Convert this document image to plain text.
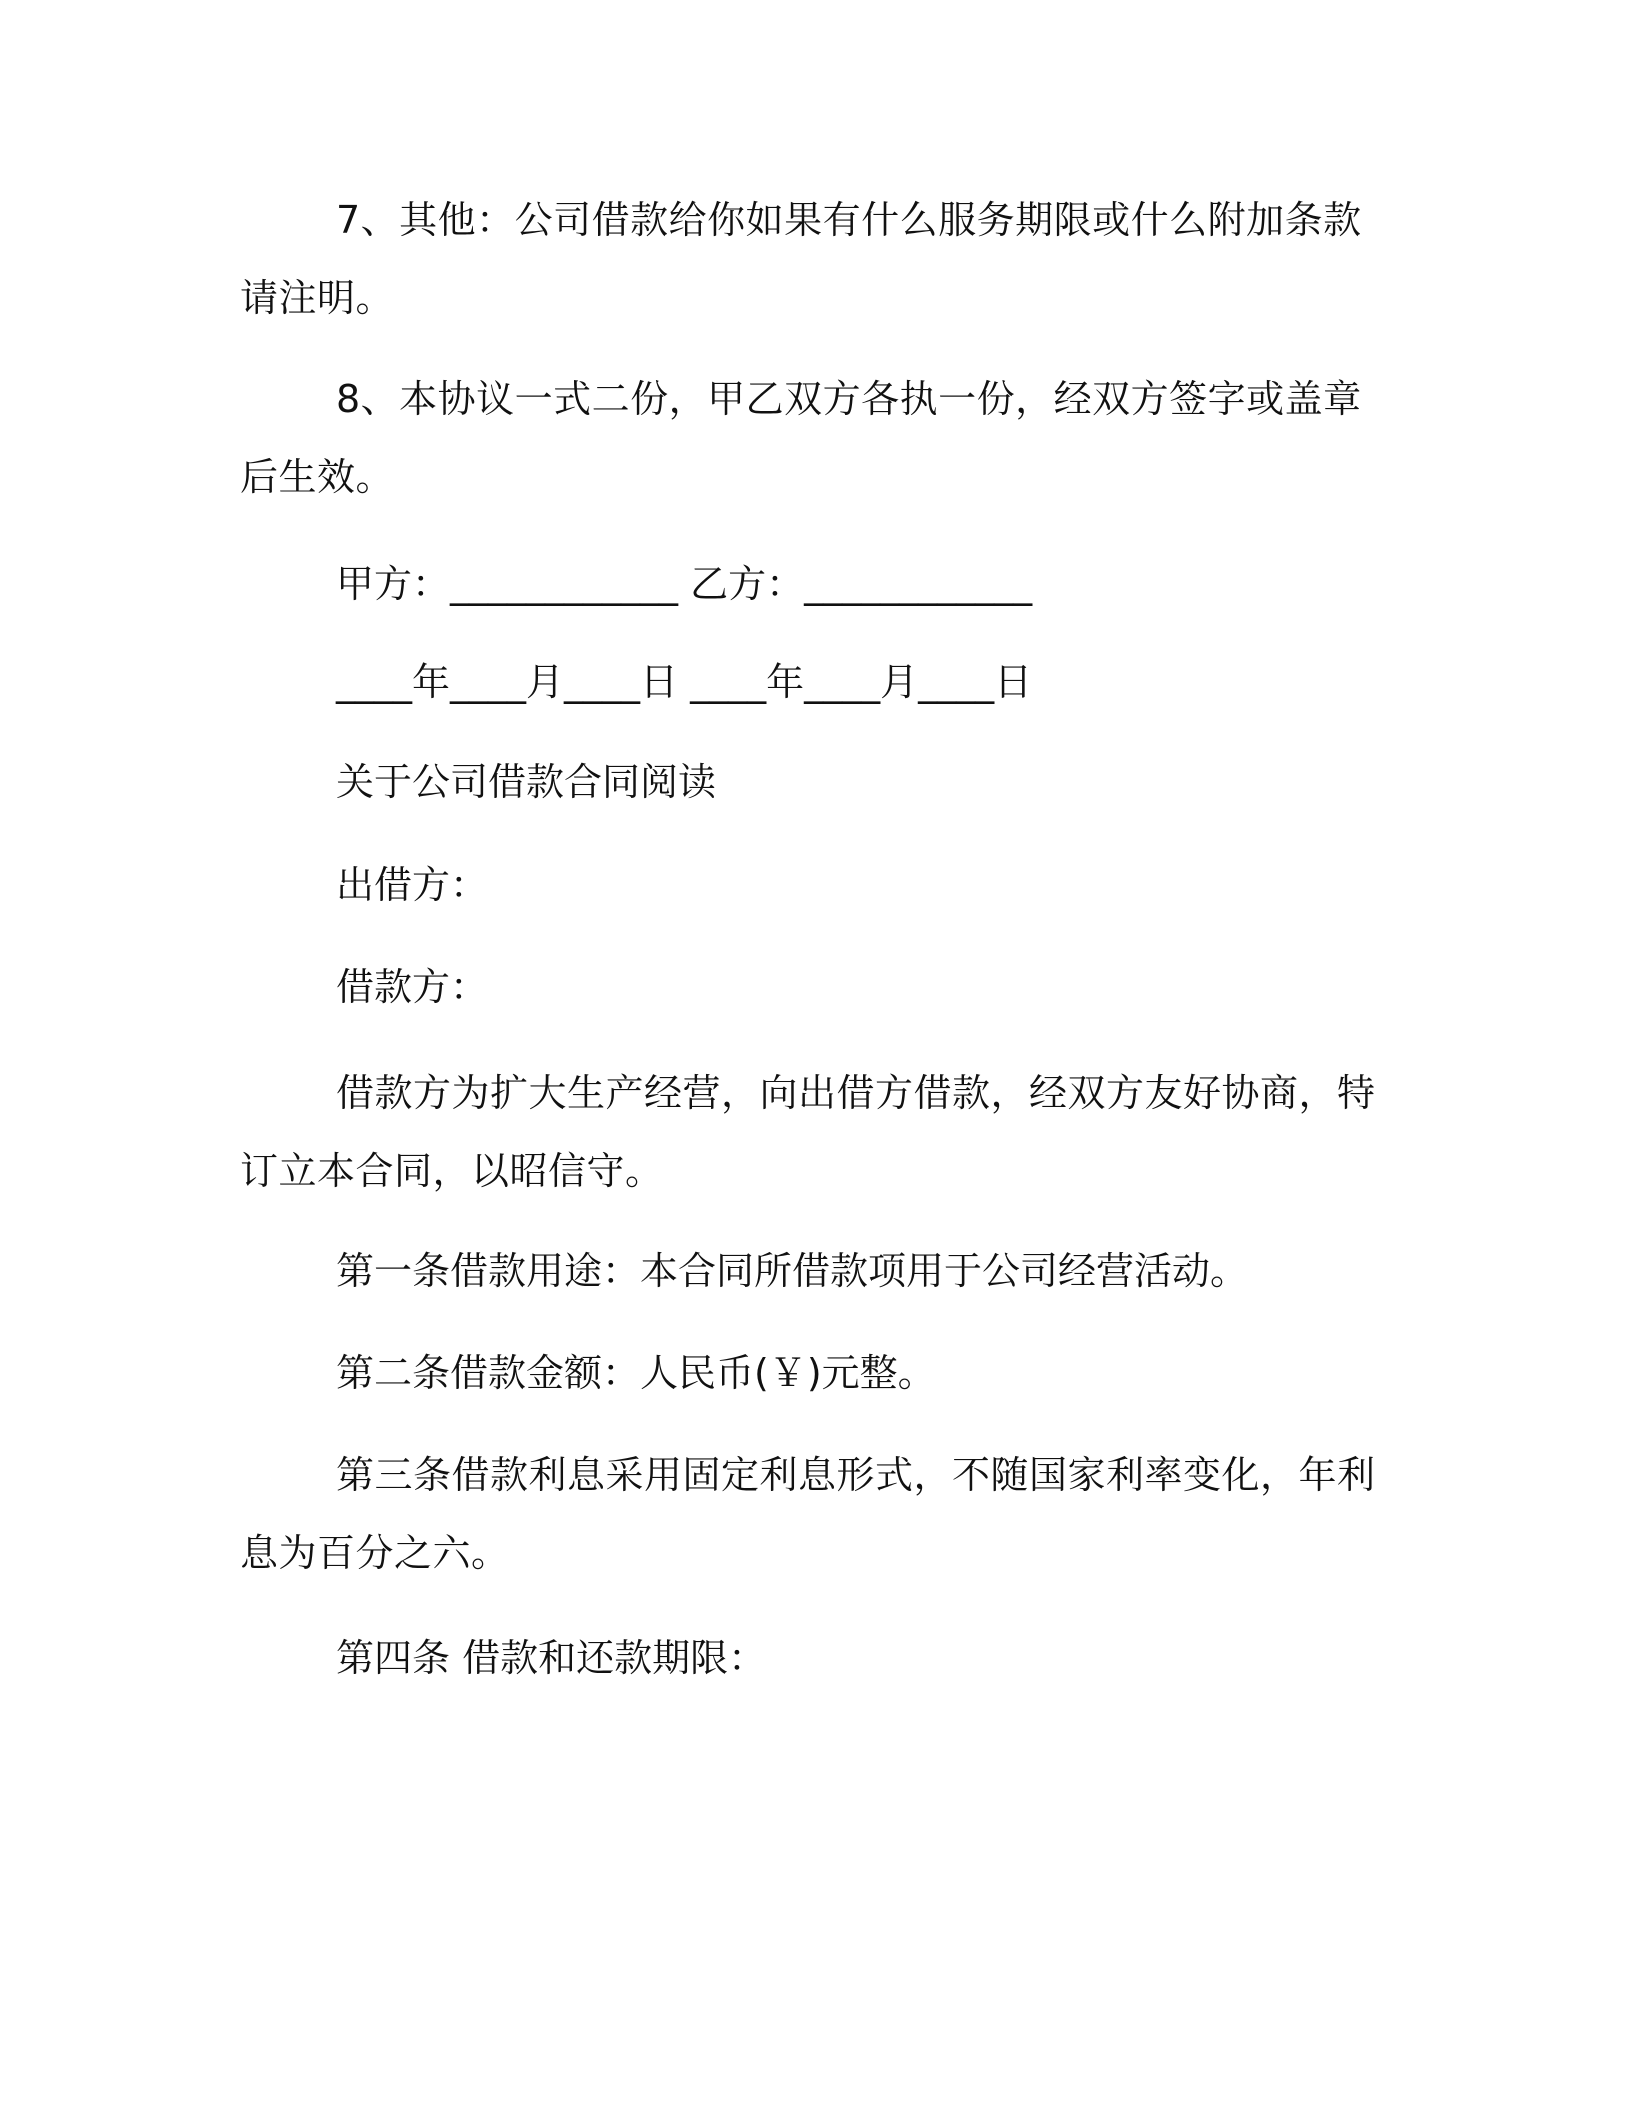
7、其他：公司借款给你如果有什么服务期限或什么附加条款请注明。

8、本协议一式二份，甲乙双方各执一份，经双方签字或盖章后生效。

甲方：____________ 乙方：____________

____年____月____日 ____年____月____日

关于公司借款合同阅读

出借方：

借款方：

借款方为扩大生产经营，向出借方借款，经双方友好协商，特订立本合同，以昭信守。

第一条借款用途：本合同所借款项用于公司经营活动。

第二条借款金额：人民币(￥)元整。

第三条借款利息采用固定利息形式，不随国家利率变化，年利息为百分之六。

第四条 借款和还款期限：
